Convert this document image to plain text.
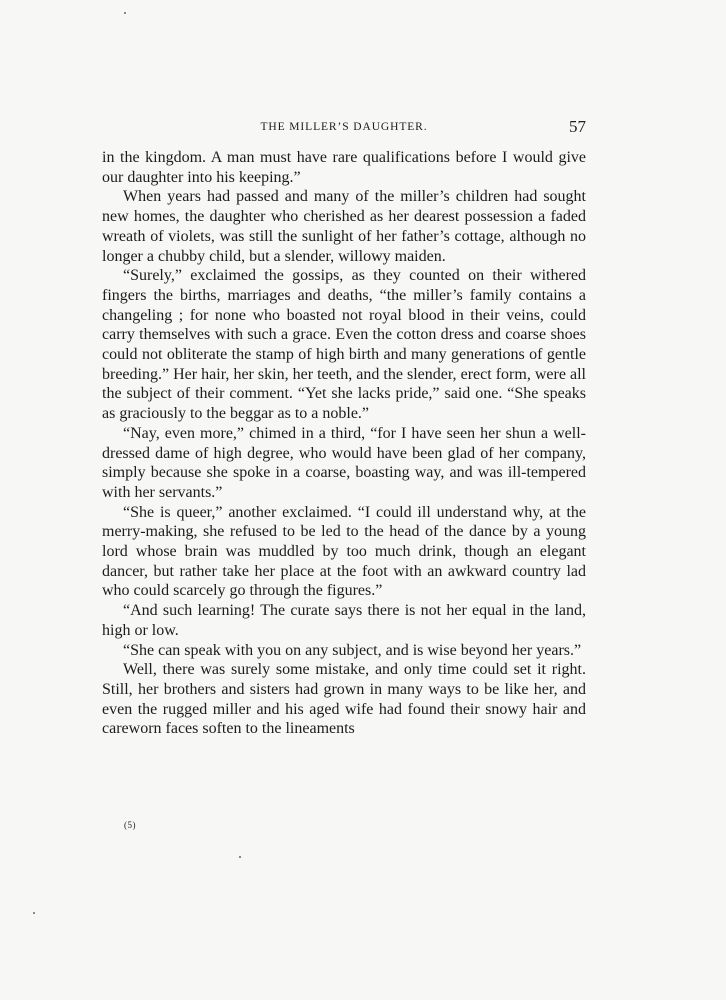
THE MILLER’S DAUGHTER.	57

in the kingdom. A man must have rare qualifications before I would give our daughter into his keeping.”

When years had passed and many of the miller’s children had sought new homes, the daughter who cherished as her dearest possession a faded wreath of violets, was still the sunlight of her father’s cottage, although no longer a chubby child, but a slender, willowy maiden.

“Surely,” exclaimed the gossips, as they counted on their withered fingers the births, marriages and deaths, “the miller’s family contains a changeling ; for none who boasted not royal blood in their veins, could carry themselves with such a grace. Even the cotton dress and coarse shoes could not obliterate the stamp of high birth and many generations of gentle breeding.” Her hair, her skin, her teeth, and the slender, erect form, were all the subject of their comment. “Yet she lacks pride,” said one. “She speaks as graciously to the beggar as to a noble.”

“Nay, even more,” chimed in a third, “for I have seen her shun a well-dressed dame of high degree, who would have been glad of her company, simply because she spoke in a coarse, boasting way, and was ill-tempered with her servants.”

“She is queer,” another exclaimed. “I could ill understand why, at the merry-making, she refused to be led to the head of the dance by a young lord whose brain was muddled by too much drink, though an elegant dancer, but rather take her place at the foot with an awkward country lad who could scarcely go through the figures.”

“And such learning! The curate says there is not her equal in the land, high or low.

“She can speak with you on any subject, and is wise beyond her years.”

Well, there was surely some mistake, and only time could set it right. Still, her brothers and sisters had grown in many ways to be like her, and even the rugged miller and his aged wife had found their snowy hair and careworn faces soften to the lineaments

(5)
